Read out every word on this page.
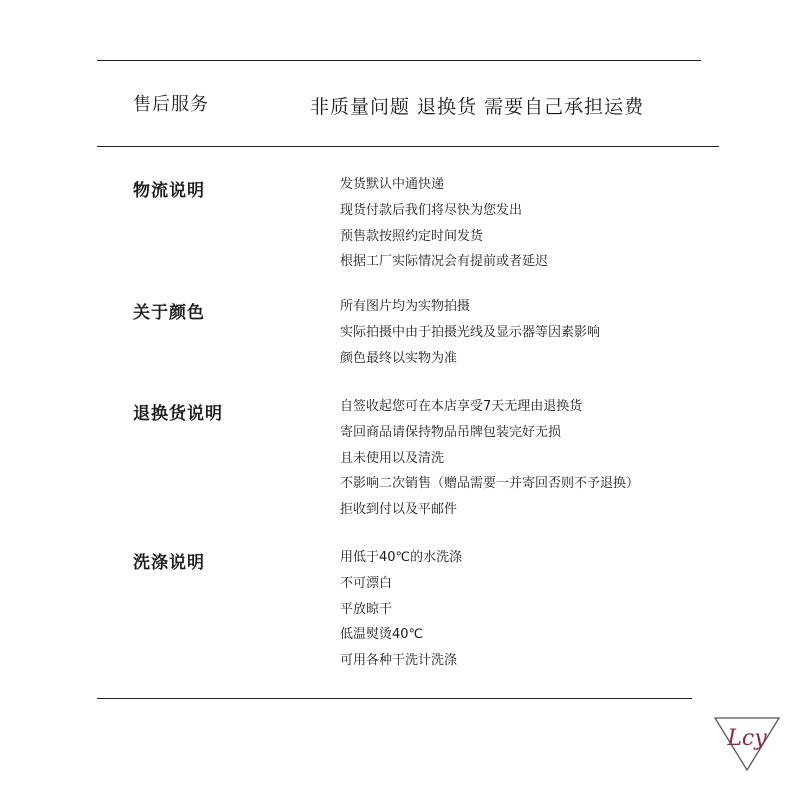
售后服务	非质量问题 退换货 需要自己承担运费
物流说明	发货默认中通快递
现货付款后我们将尽快为您发出
预售款按照约定时间发货
根据工厂实际情况会有提前或者延迟
关于颜色	所有图片均为实物拍摄
实际拍摄中由于拍摄光线及显示器等因素影响
颜色最终以实物为准
退换货说明	自签收起您可在本店享受7天无理由退换货
寄回商品请保持物品吊牌包装完好无损
且未使用以及清洗
不影响二次销售（赠品需要一并寄回否则不予退换）
拒收到付以及平邮件
洗涤说明	用低于40℃的水洗涤
不可漂白
平放晾干
低温熨烫40℃
可用各种干洗计洗涤
Lcy
